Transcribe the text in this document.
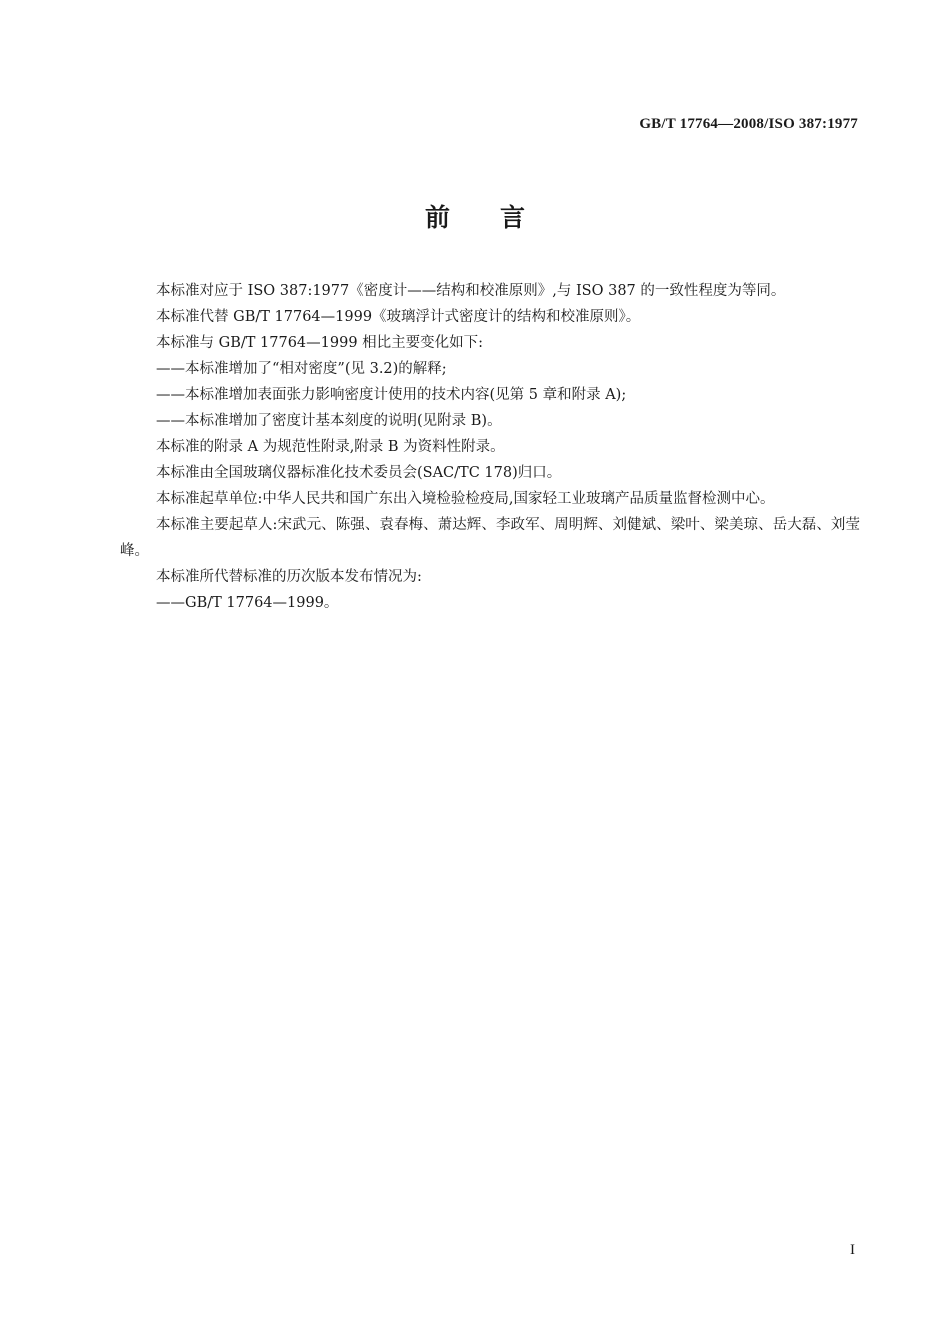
GB/T 17764—2008/ISO 387:1977
前言

本标准对应于 ISO 387:1977《密度计——结构和校准原则》,与 ISO 387 的一致性程度为等同。

本标准代替 GB/T 17764—1999《玻璃浮计式密度计的结构和校准原则》。

本标准与 GB/T 17764—1999 相比主要变化如下:

——本标准增加了“相对密度”(见 3.2)的解释;

——本标准增加表面张力影响密度计使用的技术内容(见第 5 章和附录 A);

——本标准增加了密度计基本刻度的说明(见附录 B)。

本标准的附录 A 为规范性附录,附录 B 为资料性附录。

本标准由全国玻璃仪器标准化技术委员会(SAC/TC 178)归口。

本标准起草单位:中华人民共和国广东出入境检验检疫局,国家轻工业玻璃产品质量监督检测中心。

本标准主要起草人:宋武元、陈强、袁春梅、萧达辉、李政军、周明辉、刘健斌、梁叶、梁美琼、岳大磊、刘莹峰。

本标准所代替标准的历次版本发布情况为:

——GB/T 17764—1999。

I
